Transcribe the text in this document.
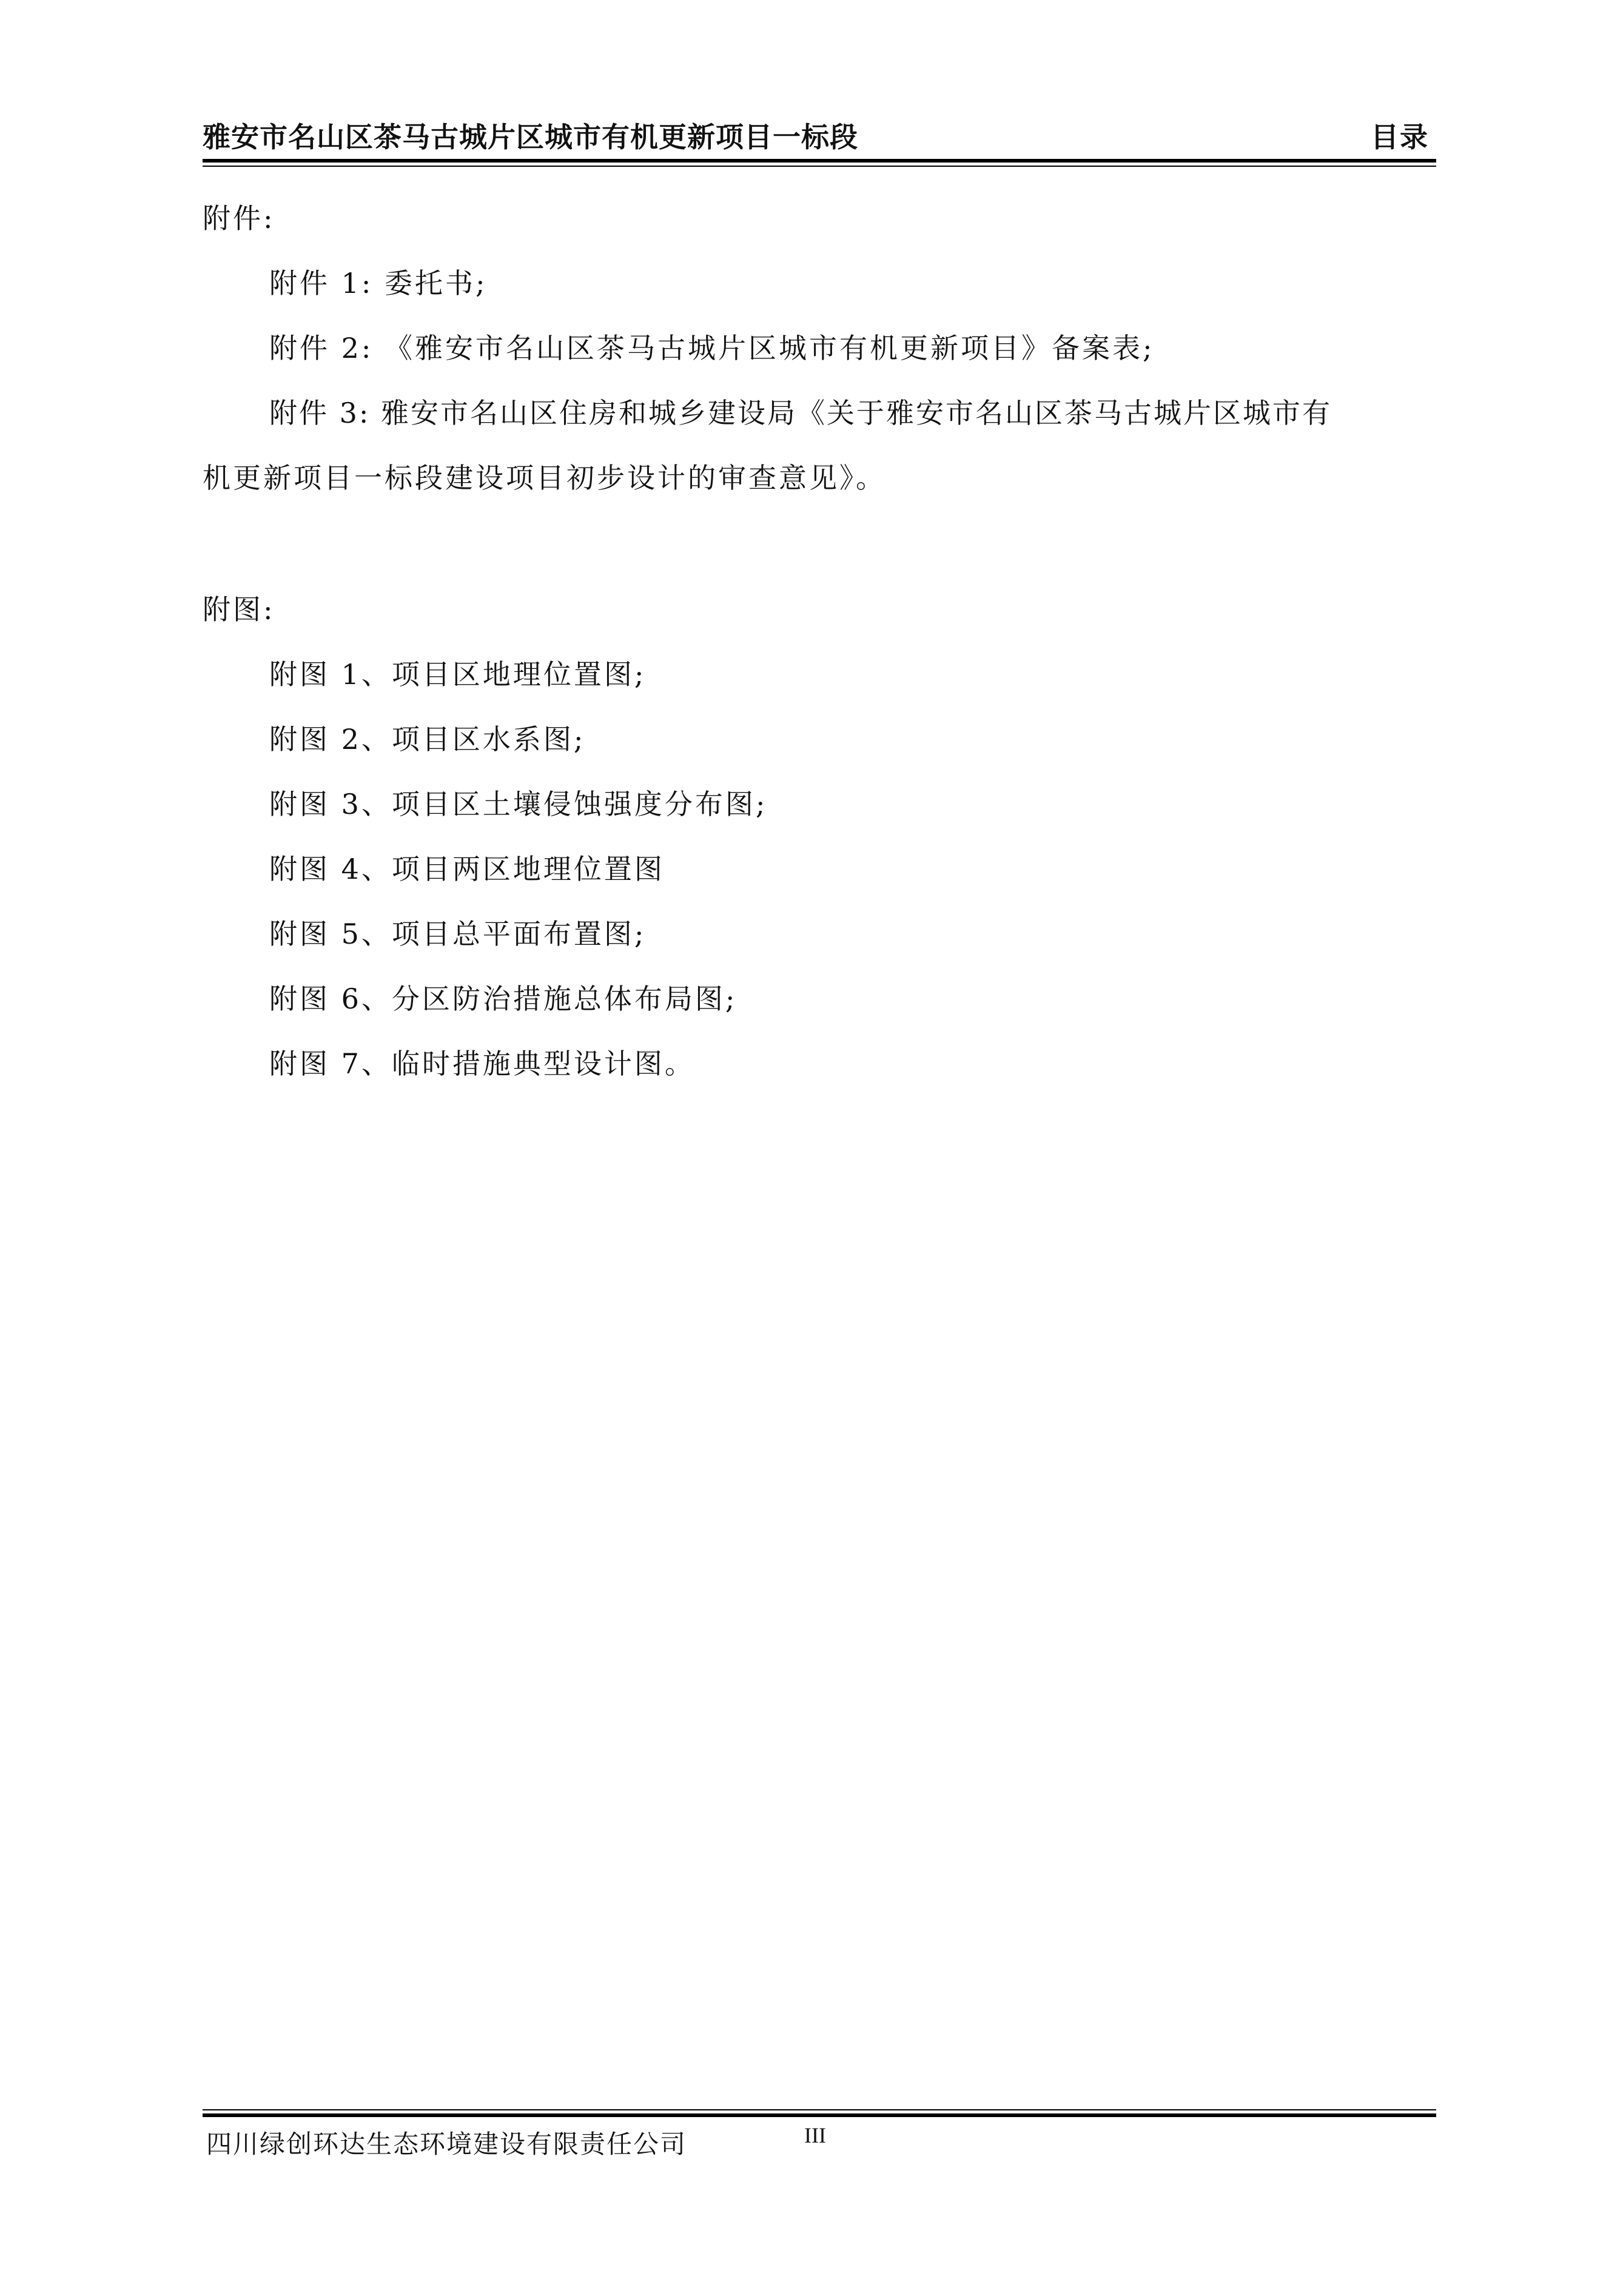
雅安市名山区茶马古城片区城市有机更新项目一标段	目录

附件:

附件 1: 委托书;

附件 2: 《雅安市名山区茶马古城片区城市有机更新项目》备案表;

附件 3: 雅安市名山区住房和城乡建设局《关于雅安市名山区茶马古城片区城市有

机更新项目一标段建设项目初步设计的审查意见》。

附图:

附图 1、项目区地理位置图;

附图 2、项目区水系图;

附图 3、项目区土壤侵蚀强度分布图;

附图 4、项目两区地理位置图

附图 5、项目总平面布置图;

附图 6、分区防治措施总体布局图;

附图 7、临时措施典型设计图。

四川绿创环达生态环境建设有限责任公司	III
